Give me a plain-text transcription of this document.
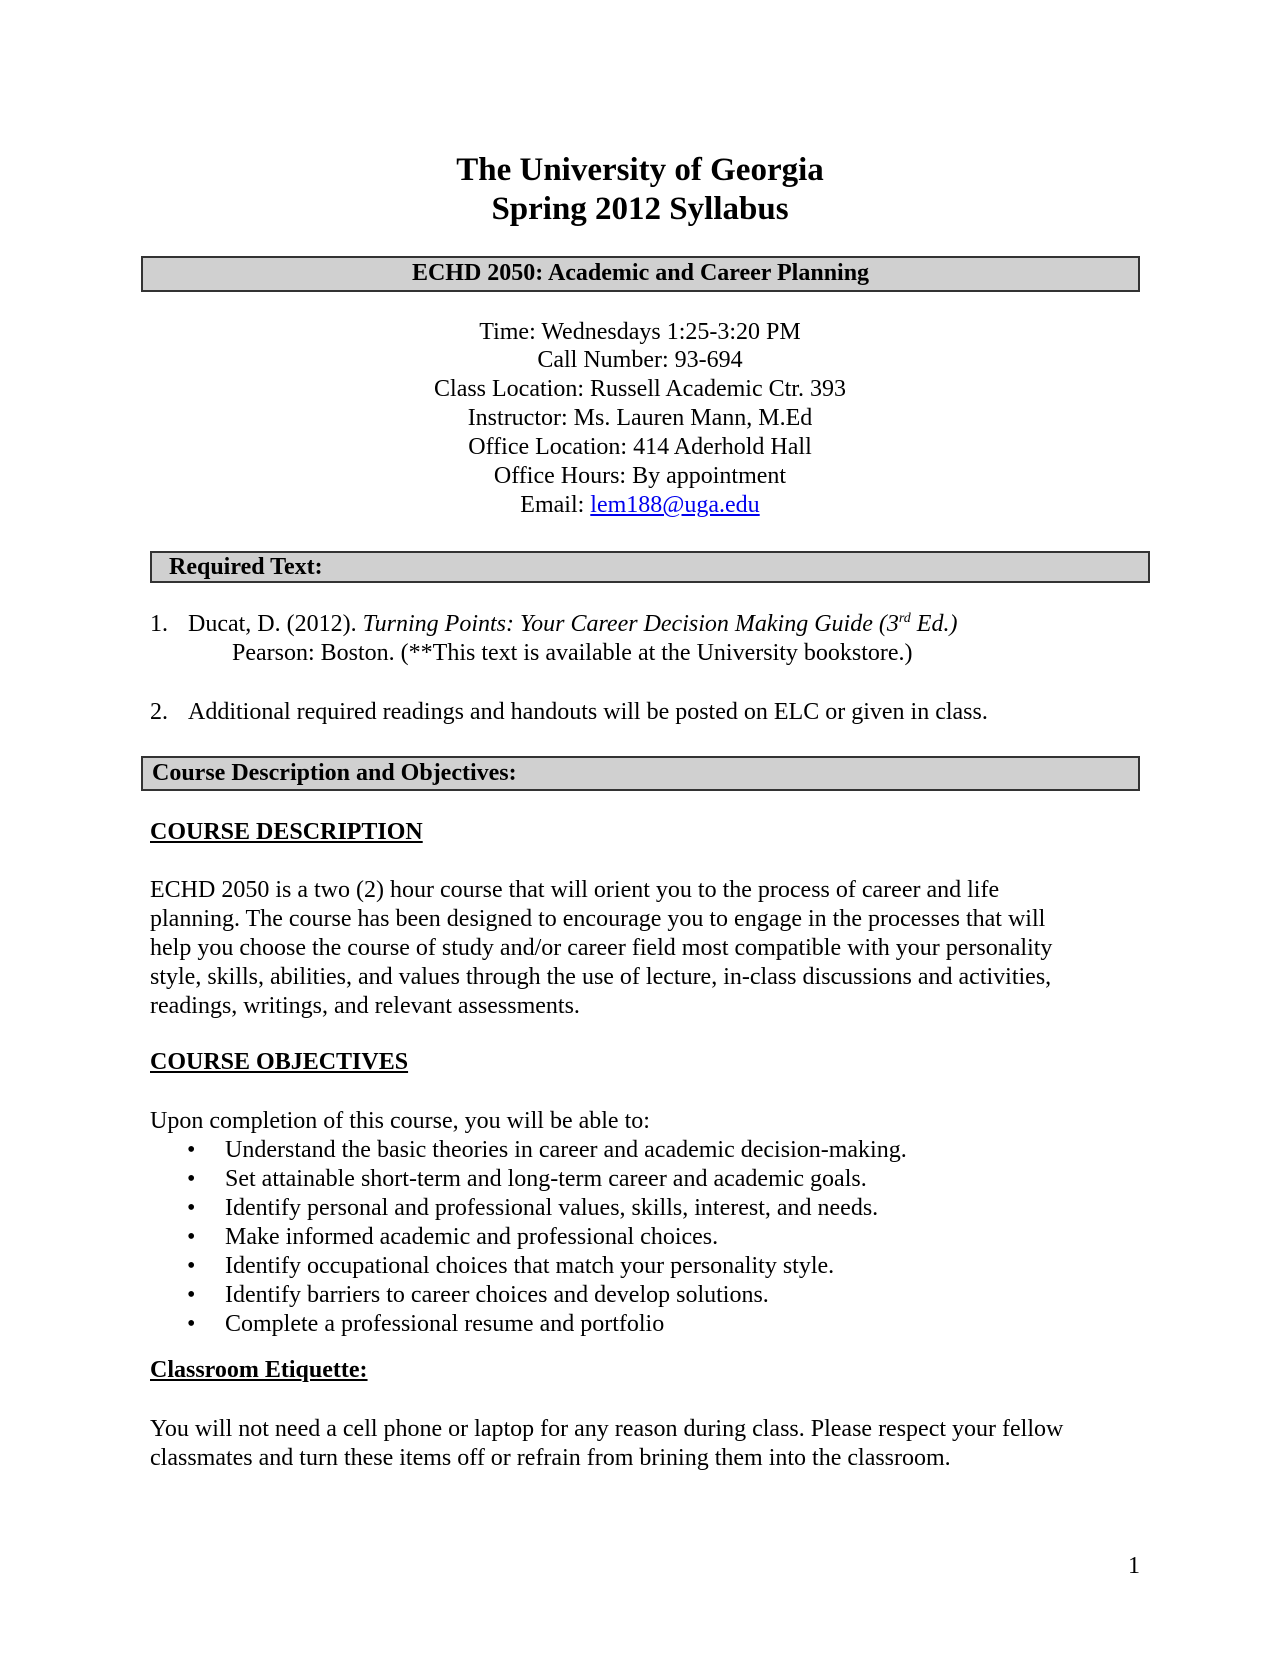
The University of Georgia
Spring 2012 Syllabus
ECHD 2050: Academic and Career Planning
Time: Wednesdays 1:25-3:20 PM
Call Number: 93-694
Class Location: Russell Academic Ctr. 393
Instructor: Ms. Lauren Mann, M.Ed
Office Location: 414 Aderhold Hall
Office Hours: By appointment
Email: lem188@uga.edu
Required Text:
1. Ducat, D. (2012). Turning Points: Your Career Decision Making Guide (3rd Ed.)
Pearson: Boston. (**This text is available at the University bookstore.)
2. Additional required readings and handouts will be posted on ELC or given in class.
Course Description and Objectives:
COURSE DESCRIPTION
ECHD 2050 is a two (2) hour course that will orient you to the process of career and life
planning. The course has been designed to encourage you to engage in the processes that will
help you choose the course of study and/or career field most compatible with your personality
style, skills, abilities, and values through the use of lecture, in-class discussions and activities,
readings, writings, and relevant assessments.
COURSE OBJECTIVES
Upon completion of this course, you will be able to:
• Understand the basic theories in career and academic decision-making.
• Set attainable short-term and long-term career and academic goals.
• Identify personal and professional values, skills, interest, and needs.
• Make informed academic and professional choices.
• Identify occupational choices that match your personality style.
• Identify barriers to career choices and develop solutions.
• Complete a professional resume and portfolio
Classroom Etiquette:
You will not need a cell phone or laptop for any reason during class. Please respect your fellow
classmates and turn these items off or refrain from brining them into the classroom.
1
